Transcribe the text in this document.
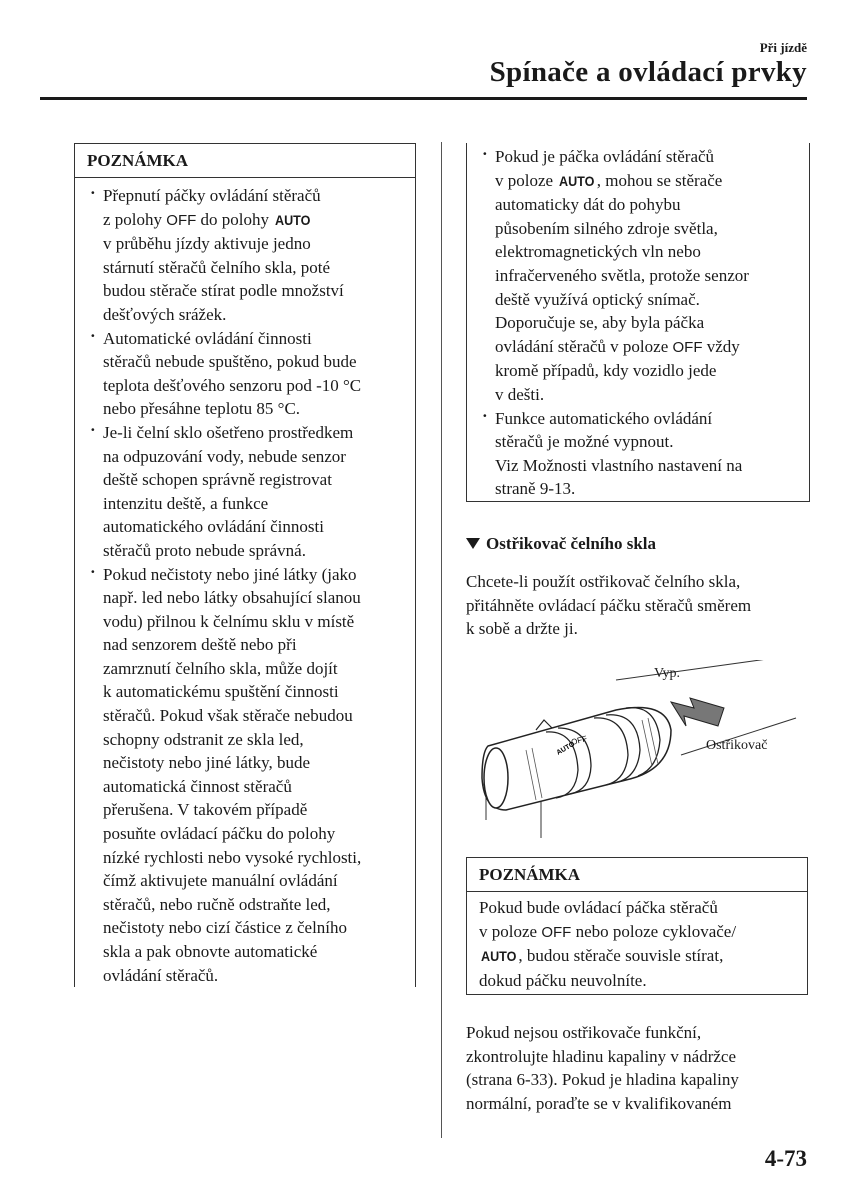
Při jízdě
Spínače a ovládací prvky
POZNÁMKA
· Přepnutí páčky ovládání stěračů
z polohy OFF do polohy AUTO
v průběhu jízdy aktivuje jedno
stárnutí stěračů čelního skla, poté
budou stěrače stírat podle množství
dešťových srážek.
· Automatické ovládání činnosti
stěračů nebude spuštěno, pokud bude
teplota dešťového senzoru pod -10 °C
nebo přesáhne teplotu 85 °C.
· Je-li čelní sklo ošetřeno prostředkem
na odpuzování vody, nebude senzor
deště schopen správně registrovat
intenzitu deště, a funkce
automatického ovládání činnosti
stěračů proto nebude správná.
· Pokud nečistoty nebo jiné látky (jako
např. led nebo látky obsahující slanou
vodu) přilnou k čelnímu sklu v místě
nad senzorem deště nebo při
zamrznutí čelního skla, může dojít
k automatickému spuštění činnosti
stěračů. Pokud však stěrače nebudou
schopny odstranit ze skla led,
nečistoty nebo jiné látky, bude
automatická činnost stěračů
přerušena. V takovém případě
posuňte ovládací páčku do polohy
nízké rychlosti nebo vysoké rychlosti,
čímž aktivujete manuální ovládání
stěračů, nebo ručně odstraňte led,
nečistoty nebo cizí částice z čelního
skla a pak obnovte automatické
ovládání stěračů.
· Pokud je páčka ovládání stěračů
v poloze AUTO , mohou se stěrače
automaticky dát do pohybu
působením silného zdroje světla,
elektromagnetických vln nebo
infračerveného světla, protože senzor
deště využívá optický snímač.
Doporučuje se, aby byla páčka
ovládání stěračů v poloze OFF vždy
kromě případů, kdy vozidlo jede
v dešti.
· Funkce automatického ovládání
stěračů je možné vypnout.
Viz Možnosti vlastního nastavení na
straně 9-13.
Ostřikovač čelního skla
Chcete-li použít ostřikovač čelního skla,
přitáhněte ovládací páčku stěračů směrem
k sobě a držte ji.
OFF
AUTO
Vyp.
Ostřikovač
POZNÁMKA
Pokud bude ovládací páčka stěračů
v poloze OFF nebo poloze cyklovače/
AUTO , budou stěrače souvisle stírat,
dokud páčku neuvolníte.
Pokud nejsou ostřikovače funkční,
zkontrolujte hladinu kapaliny v nádržce
(strana 6-33). Pokud je hladina kapaliny
normální, poraďte se v kvalifikovaném
4-73
